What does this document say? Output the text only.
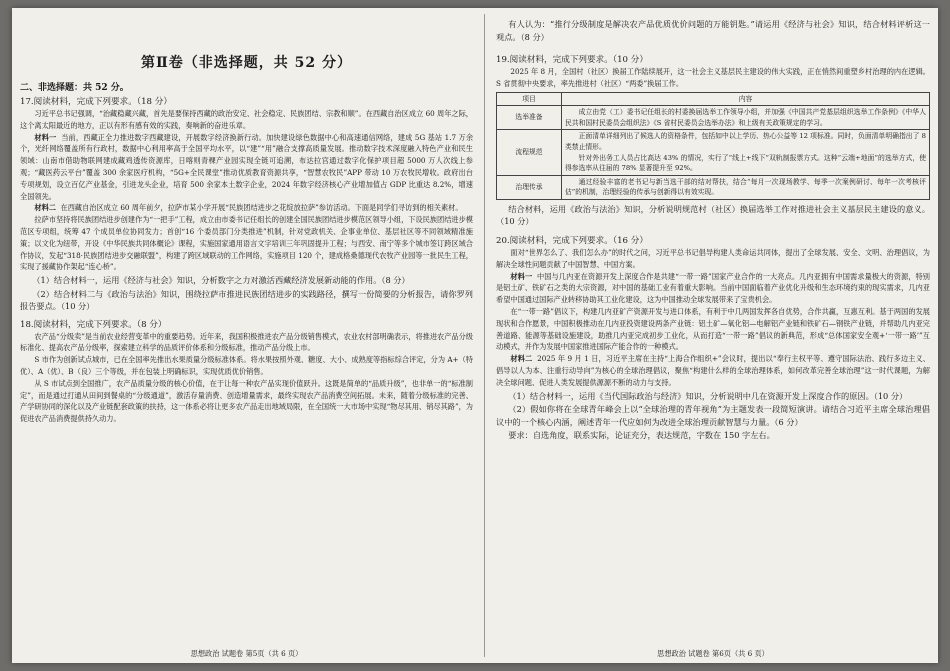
第Ⅱ卷（非选择题，共 52 分）
二、非选择题：共 52 分。
17.阅读材料，完成下列要求。（18 分）

习近平总书记强调，“治藏稳藏兴藏，首先是要保持西藏的政治安定、社会稳定、民族团结、宗教和顺”。在西藏自治区成立 60 周年之际，这个离太阳最近的地方，正以有形有感有效的实践，奏响新的奋进乐章。

材料一 当前，西藏正全力推进数字西藏建设，开展数字经济换新行动。加快建设绿色数据中心和高速通信网络，建成 5G 基站 1.7 万余个，光纤网络覆盖所有行政村，数据中心利用率高于全国平均水平，以“建”“用”融合支撑高质量发展。推动数字技术深度融入特色产业和民生领域：山南市借助物联网建成藏鸡透传资源库，日喀则青稞产业园实现全链可追溯，布达拉宫通过数字化保护项目超 5000 万人次线上参观；“藏医药云平台”覆盖 300 余家医疗机构，“5G+全民课堂”推动优质教育资源共享，“智慧农牧民”APP 带动 10 万农牧民增收。政府出台专项规划，设立百亿产业基金，引进龙头企业，培育 500 余家本土数字企业，2024 年数字经济核心产业增加值占 GDP 比重达 8.2%，增速全国领先。

材料二 在西藏自治区成立 60 周年前夕，拉萨市某小学开展“民族团结进步之花绽放拉萨”参访活动。下面是同学们寻访到的相关素材。

拉萨市坚持将民族团结进步创建作为“一把手”工程，成立由市委书记任组长的创建全国民族团结进步模范区领导小组，下设民族团结进步模范区专项组，统筹 47 个成员单位协同发力；首创“16 个委员部门分类推进”机制，针对党政机关、企事业单位、基层社区等不同领域精准施策；以文化为纽带，开设《中华民族共同体概论》课程，实施国家通用语言文字培训三年巩固提升工程；与西安、南宁等多个城市签订跨区域合作协议，发起“318·民族团结进步交融联盟”，构建了跨区域联动的工作网络，实施项目 120 个，建成格桑德现代农牧产业园等一批民生工程，实现了援藏协作架起“连心桥”。

（1）结合材料一，运用《经济与社会》知识，分析数字之力对激活西藏经济发展新动能的作用。（8 分）

（2）结合材料二与《政治与法治》知识，围绕拉萨市推进民族团结进步的实践路径，撰写一份简要的分析报告，请你罗列报告要点。（10 分）

18.阅读材料，完成下列要求。（8 分）

农产品“分级卖”是当前农业经营变革中的重要趋势。近年来，我国积极推进农产品分级销售模式，农业农村部明确表示，将推进农产品分级标准化、提高农产品分级率，探索建立科学的品质评价体系和分级标准，推动产品分级上市。

S 市作为创新试点城市，已在全国率先推出水果质量分级标准体系。将水果按照外观、糖度、大小、成熟度等指标综合评定，分为 A+（特优）、A（优）、B（良）三个等级，并在包装上明确标识，实现优质优价销售。

从 S 市试点到全国推广，农产品质量分级的核心价值，在于让每一种农产品实现价值跃升。这既是简单的“品质升级”，也非单一的“标准制定”，而是通过打通从田间到餐桌的“分级通道”，激活存量消费、创造增量需求，最终实现农产品消费空间拓展。未来，随着分级标准的完善、产学研协同的深化以及产业链配套政策的扶持，这一体系必将让更多农产品走出地域局限，在全国统一大市场中实现“物尽其用、销尽其路”，为促进农产品消费提供持久动力。

思想政治 试题卷 第5页（共 6 页）

有人认为：“推行分级制度是解决农产品优质优价问题的万能钥匙。”请运用《经济与社会》知识，结合材料评析这一观点。（8 分）

19.阅读材料，完成下列要求。（10 分）

2025 年 8 月，全国村（社区）换届工作陆续展开，这一社会主义基层民主建设的伟大实践，正在悄然间重塑乡村治理的内在逻辑。S 省贯彻中央要求，率先推进村（社区）“两委”换届工作。

项目	内容
选举准备	成立由党（工）委书记任组长的村委换届选举工作领导小组，并加强《中国共产党基层组织选举工作条例》《中华人民共和国村民委员会组织法》《S 省村民委员会选举办法》和上级有关政策规定的学习。

流程规范	正面清单详细列出了候选人的资格条件，包括如中以上学历、热心公益等 12 项标准。同时，负面清单明确指出了 8 类禁止情形。

针对外出务工人员占比高达 43% 的情况，实行了“线上+线下”双轨制报票方式。这种“云端+地面”的选举方式，使得参选率从往届的 78% 显著提升至 92%。

治理传承	通过经验丰富的老书记与新当选干部的结对帮扶，结合“每月一次现场教学、每季一次案例研讨、每年一次考核评估”的机制，治理经验的传承与创新得以有效实现。

结合材料，运用《政治与法治》知识，分析说明规范村（社区）换届选举工作对推进社会主义基层民主建设的意义。（10 分）

20.阅读材料，完成下列要求。（16 分）

面对“世界怎么了、我们怎么办”的时代之问，习近平总书记倡导构建人类命运共同体，提出了全球发展、安全、文明、治理倡议，为解决全球性问题贡献了中国智慧、中国方案。

材料一 中国与几内亚在资源开发上深度合作是共建“一带一路”国家产业合作的一大亮点。几内亚拥有中国需求量极大的资源，特别是铝土矿、铁矿石之类的大宗资源，对中国的基础工业有着重大影响。当前中国面临着产业优化升级和生态环境约束的现实需求，几内亚希望中国通过国际产业转移协助其工业化建设，这为中国推动全球发展带来了宝贵机会。

在“一带一路”倡议下，构建几内亚矿产资源开发与进口体系，有利于中几两国发挥各自优势，合作共赢，互惠互利。基于两国的发展现状和合作愿景，中国积极推动在几内亚投资建设两条产业链：铝土矿—氧化铝—电解铝产业链和铁矿石—钢铁产业链，并帮助几内亚完善道路、能源等基础设施建设，助推几内亚完成初步工业化，从而打造“一带一路”倡议的新典范，形成“总体国家安全观+‘一带一路’”互动模式，并作为发展中国家推进国际产能合作的一种模式。

材料二 2025 年 9 月 1 日，习近平主席在主持“上海合作组织+”会议时，提出以“奉行主权平等、遵守国际法治、践行多边主义、倡导以人为本、注重行动导向”为核心的全球治理倡议，聚焦“构建什么样的全球治理体系，如何改革完善全球治理”这一时代课题，为解决全球问题、促进人类发展提供源源不断的动力与支持。

（1）结合材料一，运用《当代国际政治与经济》知识，分析说明中几在资源开发上深度合作的原因。（10 分）

（2）假如你将在全球青年峰会上以“全球治理的青年视角”为主题发表一段简短演讲。请结合习近平主席全球治理倡议中的一个核心内涵，阐述青年一代应如何为改进全球治理贡献智慧与力量。（6 分）

要求：自选角度，联系实际，论证充分，表达规范，字数在 150 字左右。

思想政治 试题卷 第6页（共 6 页）
